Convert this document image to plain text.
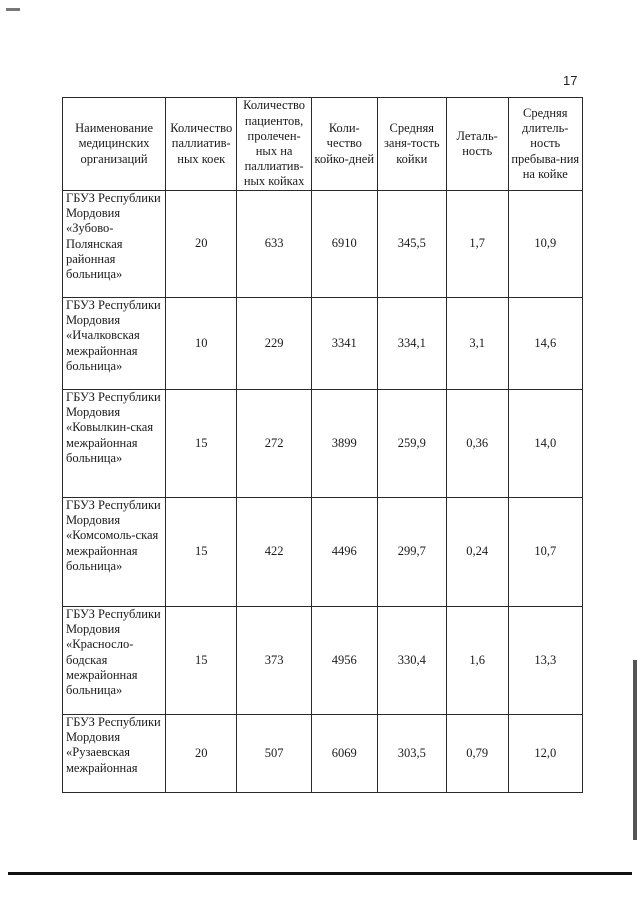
17
Наименование медицинских организаций	Количество паллиатив-ных коек	Количество пациентов, пролечен-ных на паллиатив-ных койках	Коли-чество койко-дней	Средняя заня-тость койки	Леталь-ность	Средняя длитель-ность пребыва-ния на койке
ГБУЗ Республики Мордовия «Зубово-Полянская районная больница»	20	633	6910	345,5	1,7	10,9
ГБУЗ Республики Мордовия «Ичалковская межрайонная больница»	10	229	3341	334,1	3,1	14,6
ГБУЗ Республики Мордовия «Ковылкин-ская межрайонная больница»	15	272	3899	259,9	0,36	14,0
ГБУЗ Республики Мордовия «Комсомоль-ская межрайонная больница»	15	422	4496	299,7	0,24	10,7
ГБУЗ Республики Мордовия «Краснослo-бодская межрайонная больница»	15	373	4956	330,4	1,6	13,3
ГБУЗ Республики Мордовия «Рузаевская межрайонная	20	507	6069	303,5	0,79	12,0
